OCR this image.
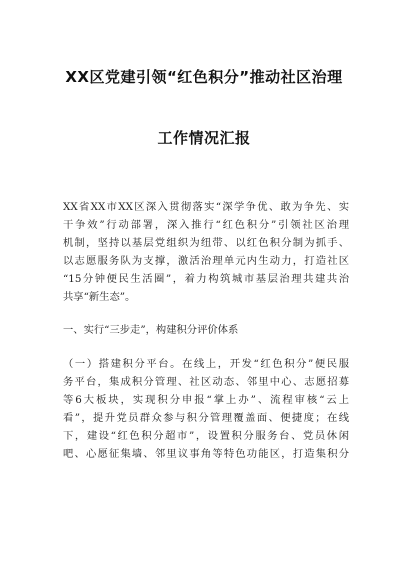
XX区党建引领“红色积分”推动社区治理
工作情况汇报
XX省XX市XX区深入贯彻落实“深学争优、敢为争先、实
干争效”行动部署，深入推行“红色积分”引领社区治理
机制，坚持以基层党组织为纽带、以红色积分制为抓手、
以志愿服务队为支撑，激活治理单元内生动力，打造社区
“15分钟便民生活圈”，着力构筑城市基层治理共建共治
共享“新生态”。
一、实行“三步走”，构建积分评价体系
（一）搭建积分平台。在线上，开发“红色积分”便民服
务平台，集成积分管理、社区动态、邻里中心、志愿招募
等6大板块，实现积分申报“掌上办”、流程审核“云上
看”，提升党员群众参与积分管理覆盖面、便捷度；在线
下，建设“红色积分超市”，设置积分服务台、党员休闲
吧、心愿征集墙、邻里议事角等特色功能区，打造集积分
